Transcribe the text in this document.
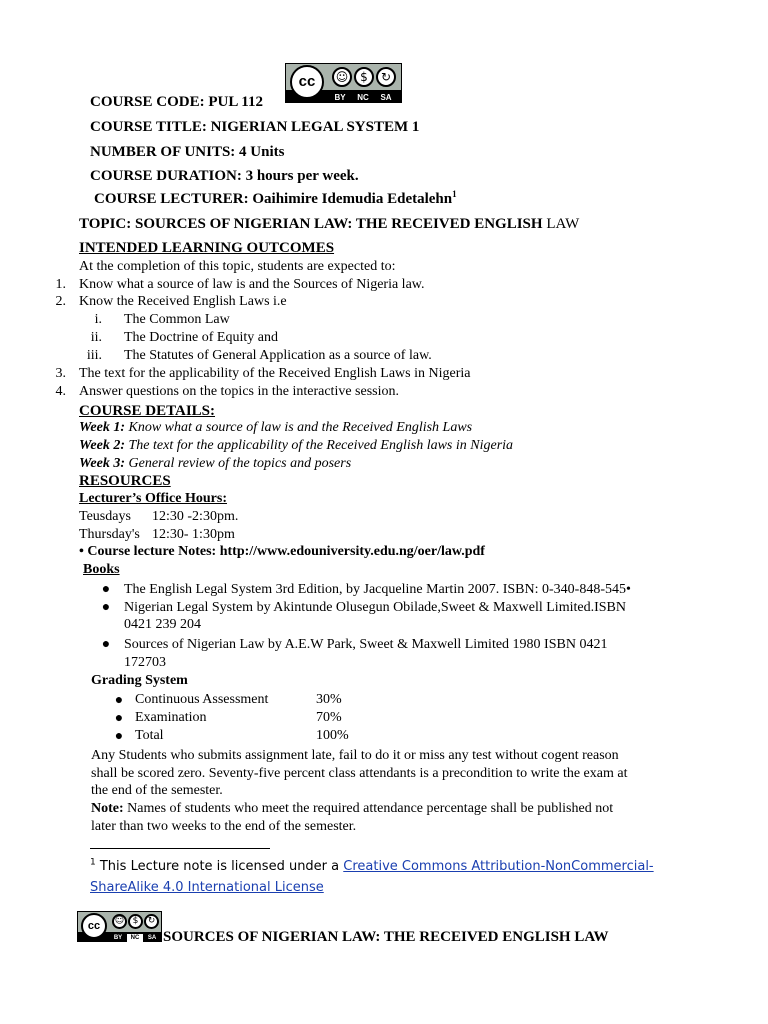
cc	☺ $	↻
BY	NC	SA
COURSE CODE: PUL 112
COURSE TITLE: NIGERIAN LEGAL SYSTEM 1
NUMBER OF UNITS: 4 Units
COURSE DURATION: 3 hours per week.
COURSE LECTURER: Oaihimire Idemudia Edetalehn$^1$
TOPIC: SOURCES OF NIGERIAN LAW: THE RECEIVED ENGLISH LAW
INTENDED LEARNING OUTCOMES
At the completion of this topic, students are expected to:
1. Know what a source of law is and the Sources of Nigeria law.
2. Know the Received English Laws i.e
i. The Common Law
ii. The Doctrine of Equity and
iii. The Statutes of General Application as a source of law.
3. The text for the applicability of the Received English Laws in Nigeria
4. Answer questions on the topics in the interactive session.
COURSE DETAILS:
Week 1: Know what a source of law is and the Received English Laws
Week 2: The text for the applicability of the Received English laws in Nigeria
Week 3: General review of the topics and posers
RESOURCES
Lecturer’s Office Hours:
Teusdays 12:30 -2:30pm.
Thursday's 12:30- 1:30pm
• Course lecture Notes: http://www.edouniversity.edu.ng/oer/law.pdf
Books
● The English Legal System 3rd Edition, by Jacqueline Martin 2007. ISBN: 0-340-848-545•
● Nigerian Legal System by Akintunde Olusegun Obilade,Sweet & Maxwell Limited.ISBN
0421 239 204
● Sources of Nigerian Law by A.E.W Park, Sweet & Maxwell Limited 1980 ISBN 0421
172703
Grading System
● Continuous Assessment	30%
● Examination	70%
● Total	100%
Any Students who submits assignment late, fail to do it or miss any test without cogent reason
shall be scored zero. Seventy-five percent class attendants is a precondition to write the exam at
the end of the semester.
Note: Names of students who meet the required attendance percentage shall be published not
later than two weeks to the end of the semester.
$^1$ This Lecture note is licensed under a Creative Commons Attribution-NonCommercial-
ShareAlike 4.0 International License
cc	☺ $	↻
BY	NC	SA SOURCES OF NIGERIAN LAW: THE RECEIVED ENGLISH LAW
